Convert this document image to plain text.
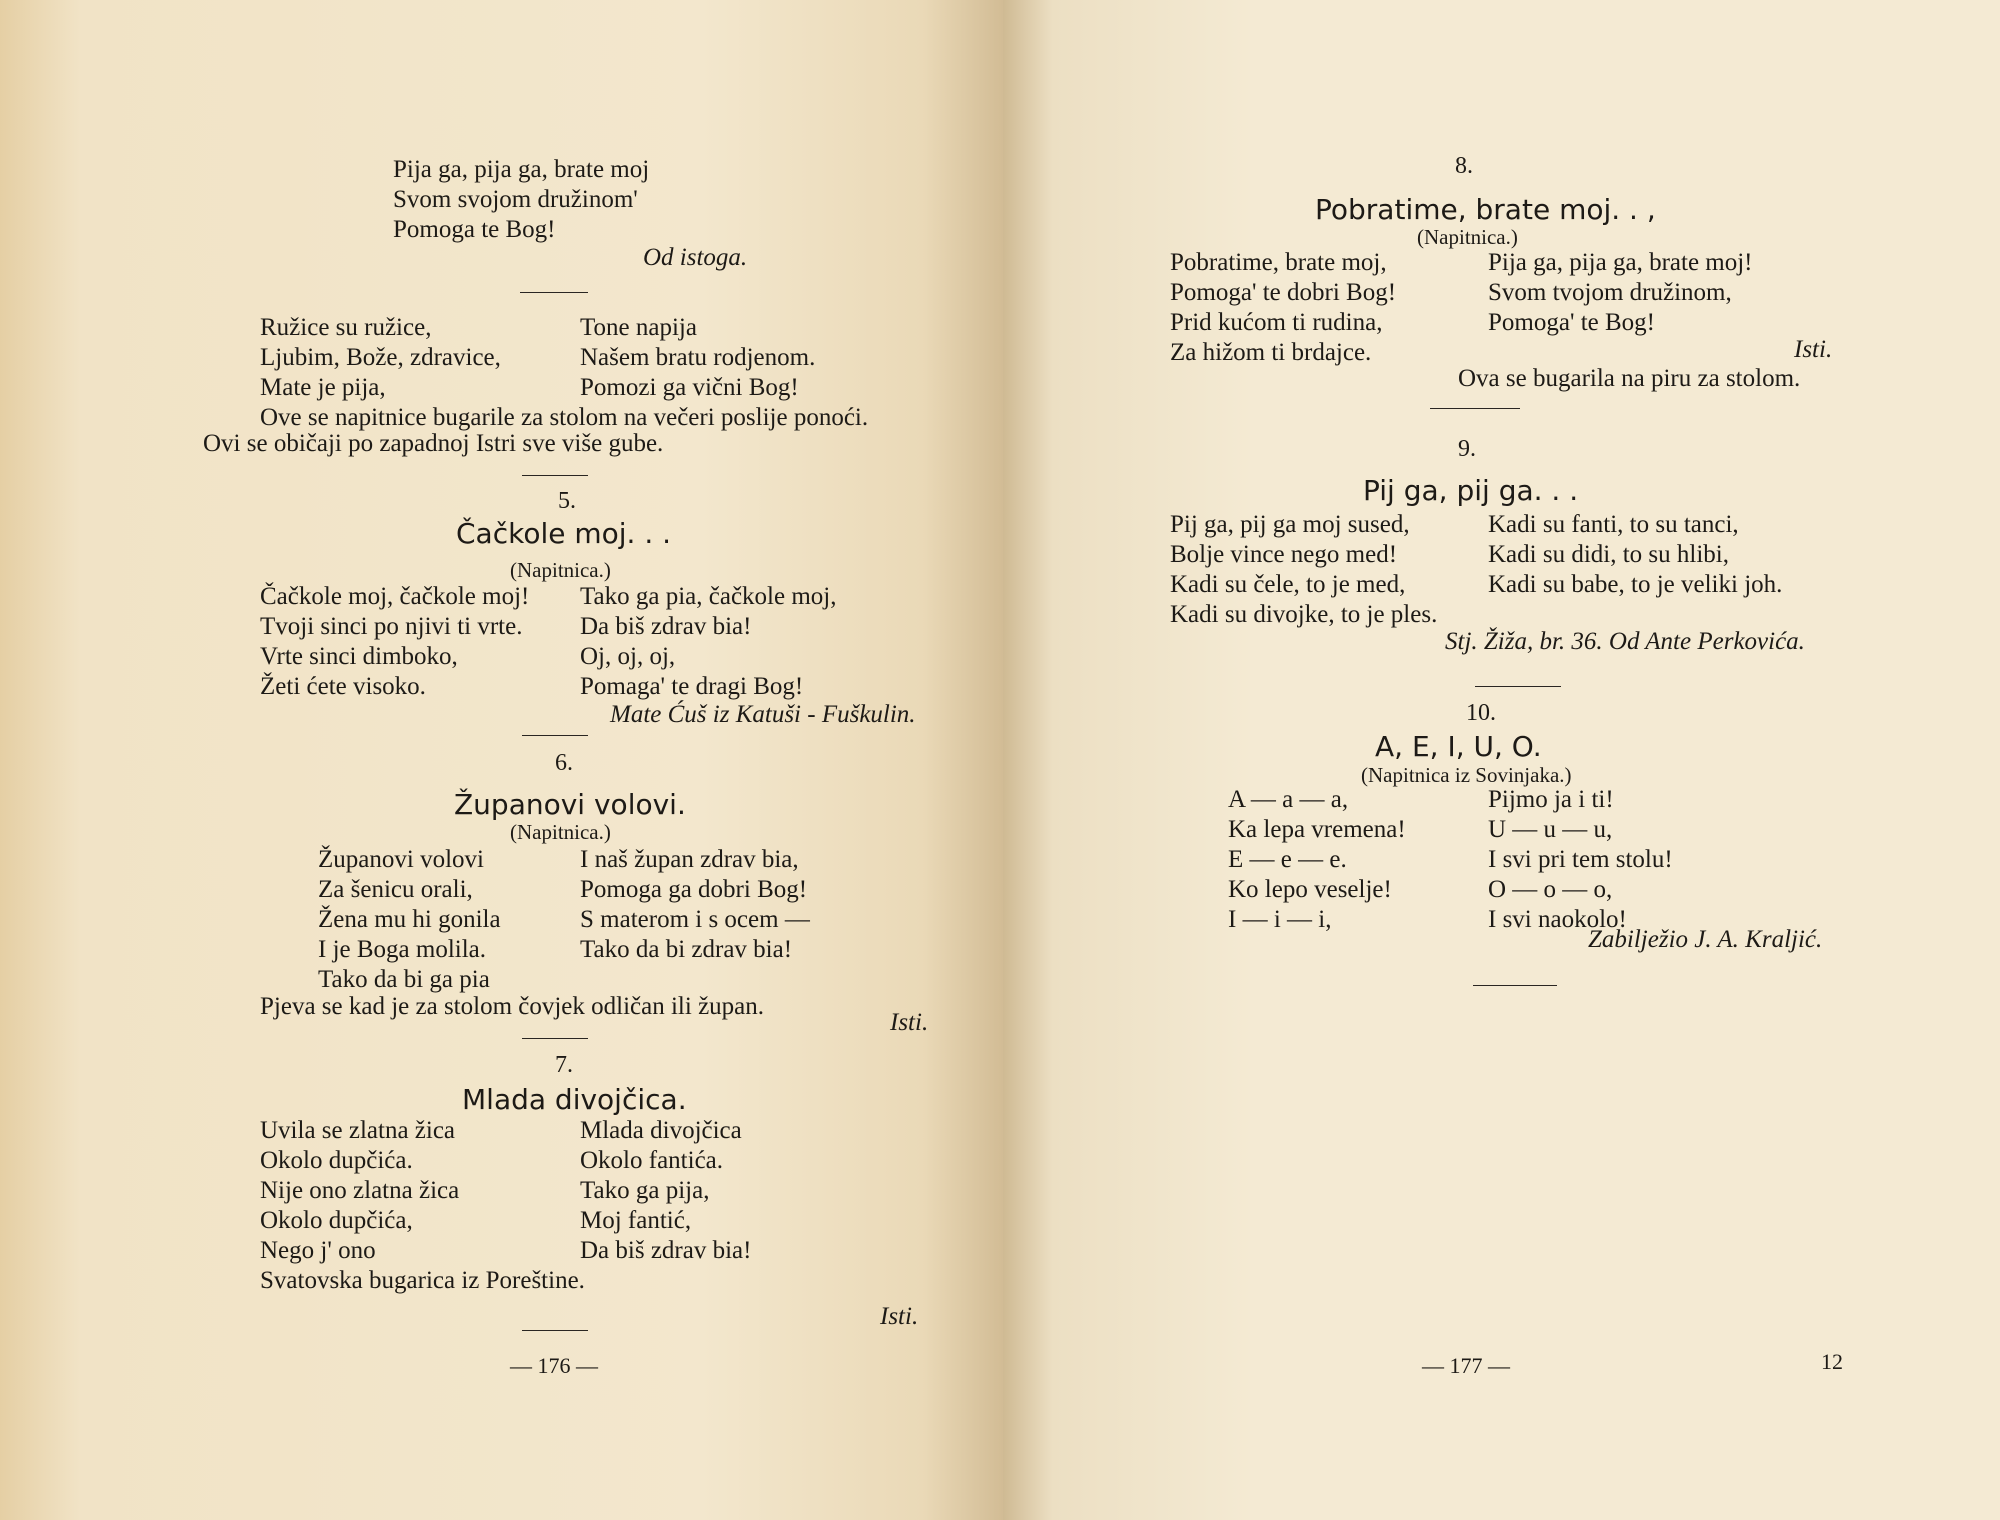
Pija ga, pija ga, brate moj
Svom svojom družinom'
Pomoga te Bog!
Od istoga.
Ružice su ružice,
Ljubim, Bože, zdravice,
Mate je pija,
Tone napija
Našem bratu rodjenom.
Pomozi ga vični Bog!
Ove se napitnice bugarile za stolom na večeri poslije ponoći.
Ovi se običaji po zapadnoj Istri sve više gube.
5.
Čačkole moj. . .
(Napitnica.)
Čačkole moj, čačkole moj!
Tvoji sinci po njivi ti vrte.
Vrte sinci dimboko,
Žeti ćete visoko.
Tako ga pia, čačkole moj,
Da biš zdrav bia!
Oj, oj, oj,
Pomaga' te dragi Bog!
Mate Ćuš iz Katuši - Fuškulin.
6.
Županovi volovi.
(Napitnica.)
Županovi volovi
Za šenicu orali,
Žena mu hi gonila
I je Boga molila.
Tako da bi ga pia
I naš župan zdrav bia,
Pomoga ga dobri Bog!
S materom i s ocem —
Tako da bi zdrav bia!
Pjeva se kad je za stolom čovjek odličan ili župan.
Isti.
7.
Mlada divojčica.
Uvila se zlatna žica
Okolo dupčića.
Nije ono zlatna žica
Okolo dupčića,
Nego j' ono
Mlada divojčica
Okolo fantića.
Tako ga pija,
Moj fantić,
Da biš zdrav bia!
Svatovska bugarica iz Poreštine.
Isti.
— 176 —
8.
Pobratime, brate moj. . ,
(Napitnica.)
Pobratime, brate moj,
Pomoga' te dobri Bog!
Prid kućom ti rudina,
Za hižom ti brdajce.
Pija ga, pija ga, brate moj!
Svom tvojom družinom,
Pomoga' te Bog!
Isti.
Ova se bugarila na piru za stolom.
9.
Pij ga, pij ga. . .
Pij ga, pij ga moj sused,
Bolje vince nego med!
Kadi su čele, to je med,
Kadi su divojke, to je ples.
Kadi su fanti, to su tanci,
Kadi su didi, to su hlibi,
Kadi su babe, to je veliki joh.
Stj. Žiža, br. 36. Od Ante Perkovića.
10.
A, E, I, U, O.
(Napitnica iz Sovinjaka.)
A — a — a,
Ka lepa vremena!
E — e — e.
Ko lepo veselje!
I — i — i,
Pijmo ja i ti!
U — u — u,
I svi pri tem stolu!
O — o — o,
I svi naokolo!
Zabilježio J. A. Kraljić.
— 177 —	12
